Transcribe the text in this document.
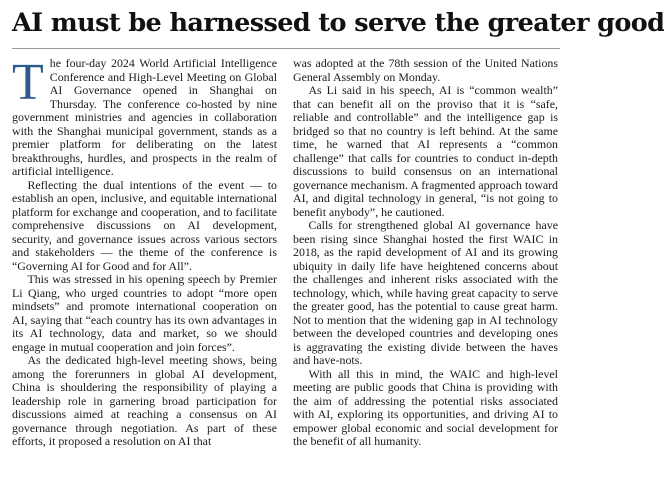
AI must be harnessed to serve the greater good

The four-day 2024 World Artificial Intelligence Conference and High-Level Meeting on Global AI Governance opened in Shanghai on Thursday. The conference co-hosted by nine government ministries and agencies in collaboration with the Shanghai municipal government, stands as a premier platform for deliberating on the latest breakthroughs, hurdles, and prospects in the realm of artificial intelligence.

Reflecting the dual intentions of the event — to establish an open, inclusive, and equitable international platform for exchange and cooperation, and to facilitate comprehensive discussions on AI development, security, and governance issues across various sectors and stakeholders — the theme of the conference is “Governing AI for Good and for All”.

This was stressed in his opening speech by Premier Li Qiang, who urged countries to adopt “more open mindsets” and promote international cooperation on AI, saying that “each country has its own advantages in its AI technology, data and market, so we should engage in mutual cooperation and join forces”.

As the dedicated high-level meeting shows, being among the forerunners in global AI development, China is shouldering the responsibility of playing a leadership role in garnering broad participation for discussions aimed at reaching a consensus on AI governance through negotiation. As part of these efforts, it proposed a resolution on AI that

was adopted at the 78th session of the United Nations General Assembly on Monday.

As Li said in his speech, AI is “common wealth” that can benefit all on the proviso that it is “safe, reliable and controllable” and the intelligence gap is bridged so that no country is left behind. At the same time, he warned that AI represents a “common challenge” that calls for countries to conduct in-depth discussions to build consensus on an international governance mechanism. A fragmented approach toward AI, and digital technology in general, “is not going to benefit anybody”, he cautioned.

Calls for strengthened global AI governance have been rising since Shanghai hosted the first WAIC in 2018, as the rapid development of AI and its growing ubiquity in daily life have heightened concerns about the challenges and inherent risks associated with the technology, which, while having great capacity to serve the greater good, has the potential to cause great harm. Not to mention that the widening gap in AI technology between the developed countries and developing ones is aggravating the existing divide between the haves and have-nots.

With all this in mind, the WAIC and high-level meeting are public goods that China is providing with the aim of addressing the potential risks associated with AI, exploring its opportunities, and driving AI to empower global economic and social development for the benefit of all humanity.
